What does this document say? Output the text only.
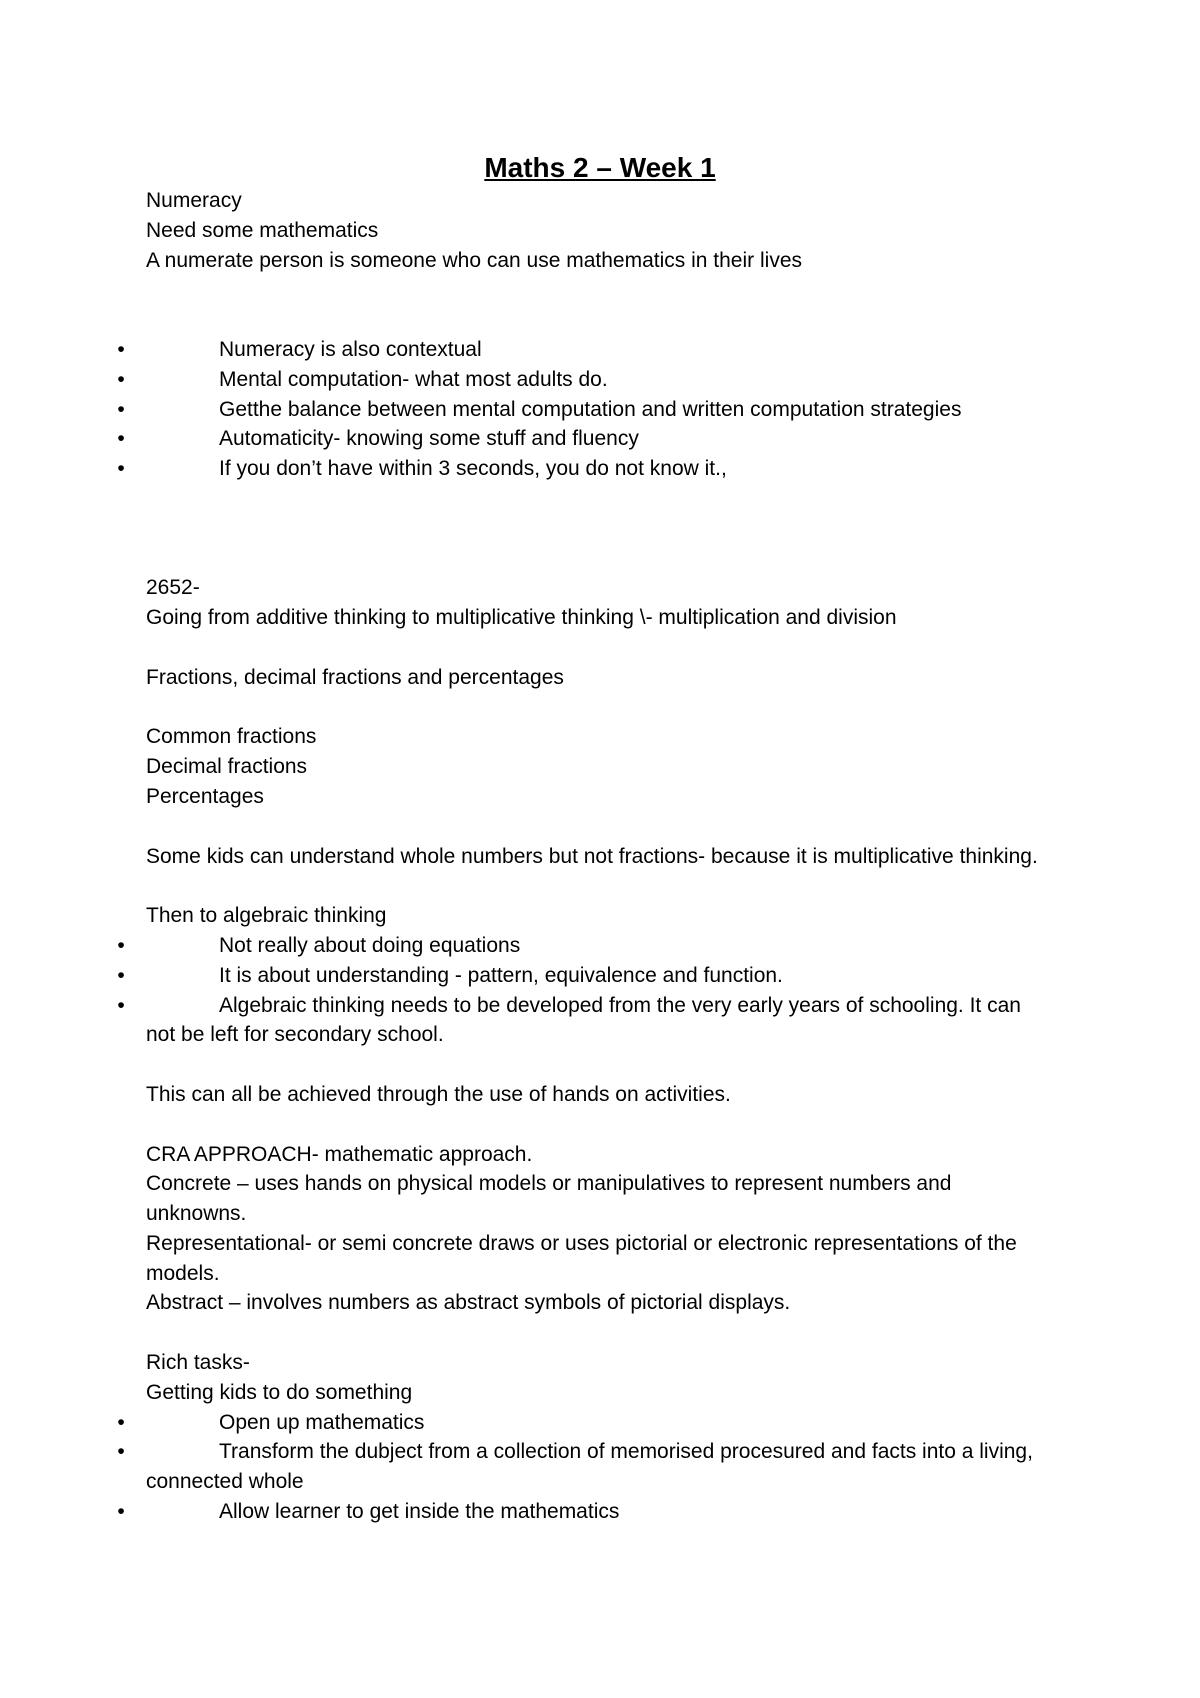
Maths 2 – Week 1

Numeracy

Need some mathematics

A numerate person is someone who can use mathematics in their lives

•	Numeracy is also contextual
•	Mental computation- what most adults do.
•	Getthe balance between mental computation and written computation strategies
•	Automaticity- knowing some stuff and fluency
•	If you don’t have within 3 seconds, you do not know it.,

2652-

Going from additive thinking to multiplicative thinking \- multiplication and division

Fractions, decimal fractions and percentages

Common fractions

Decimal fractions

Percentages

Some kids can understand whole numbers but not fractions- because it is multiplicative thinking.

Then to algebraic thinking

•	Not really about doing equations
•	It is about understanding - pattern, equivalence and function.
•	Algebraic thinking needs to be developed from the very early years of schooling. It can not be left for secondary school.

This can all be achieved through the use of hands on activities.

CRA APPROACH- mathematic approach.

Concrete – uses hands on physical models or manipulatives to represent numbers and unknowns.

Representational- or semi concrete draws or uses pictorial or electronic representations of the models.

Abstract – involves numbers as abstract symbols of pictorial displays.

Rich tasks-

Getting kids to do something

•	Open up mathematics
•	Transform the dubject from a collection of memorised procesured and facts into a living, connected whole
•	Allow learner to get inside the mathematics
